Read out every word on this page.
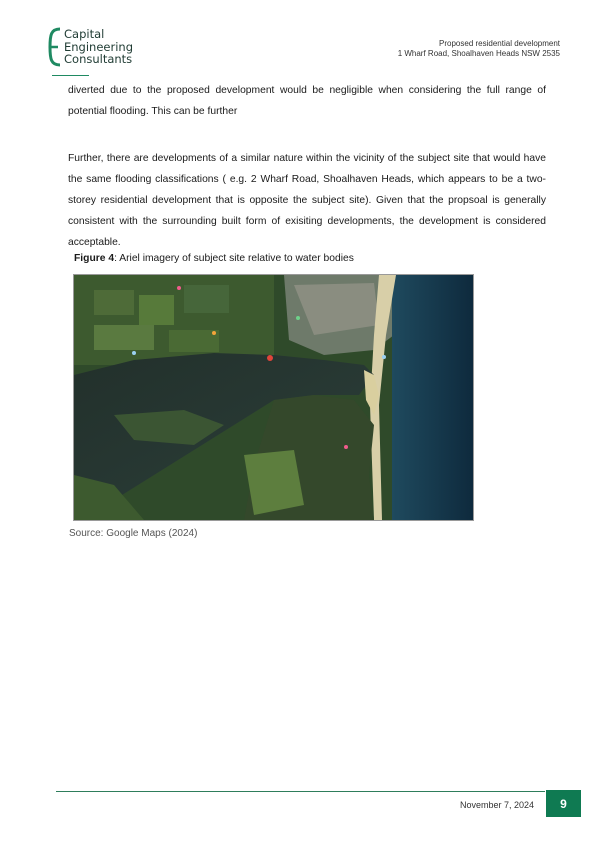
Capital
Engineering
Consultants
Proposed residential development
1 Wharf Road, Shoalhaven Heads NSW 2535
diverted due to the proposed development would be negligible when considering the full range of potential flooding. This can be further
Further, there are developments of a similar nature within the vicinity of the subject site that would have the same flooding classifications ( e.g. 2 Wharf Road, Shoalhaven Heads, which appears to be a two-storey residential development that is opposite the subject site). Given that the propsoal is generally consistent with the surrounding built form of exisiting developments, the development is considered acceptable.
Figure 4: Ariel imagery of subject site relative to water bodies
Source: Google Maps (2024)
November 7, 2024 9
